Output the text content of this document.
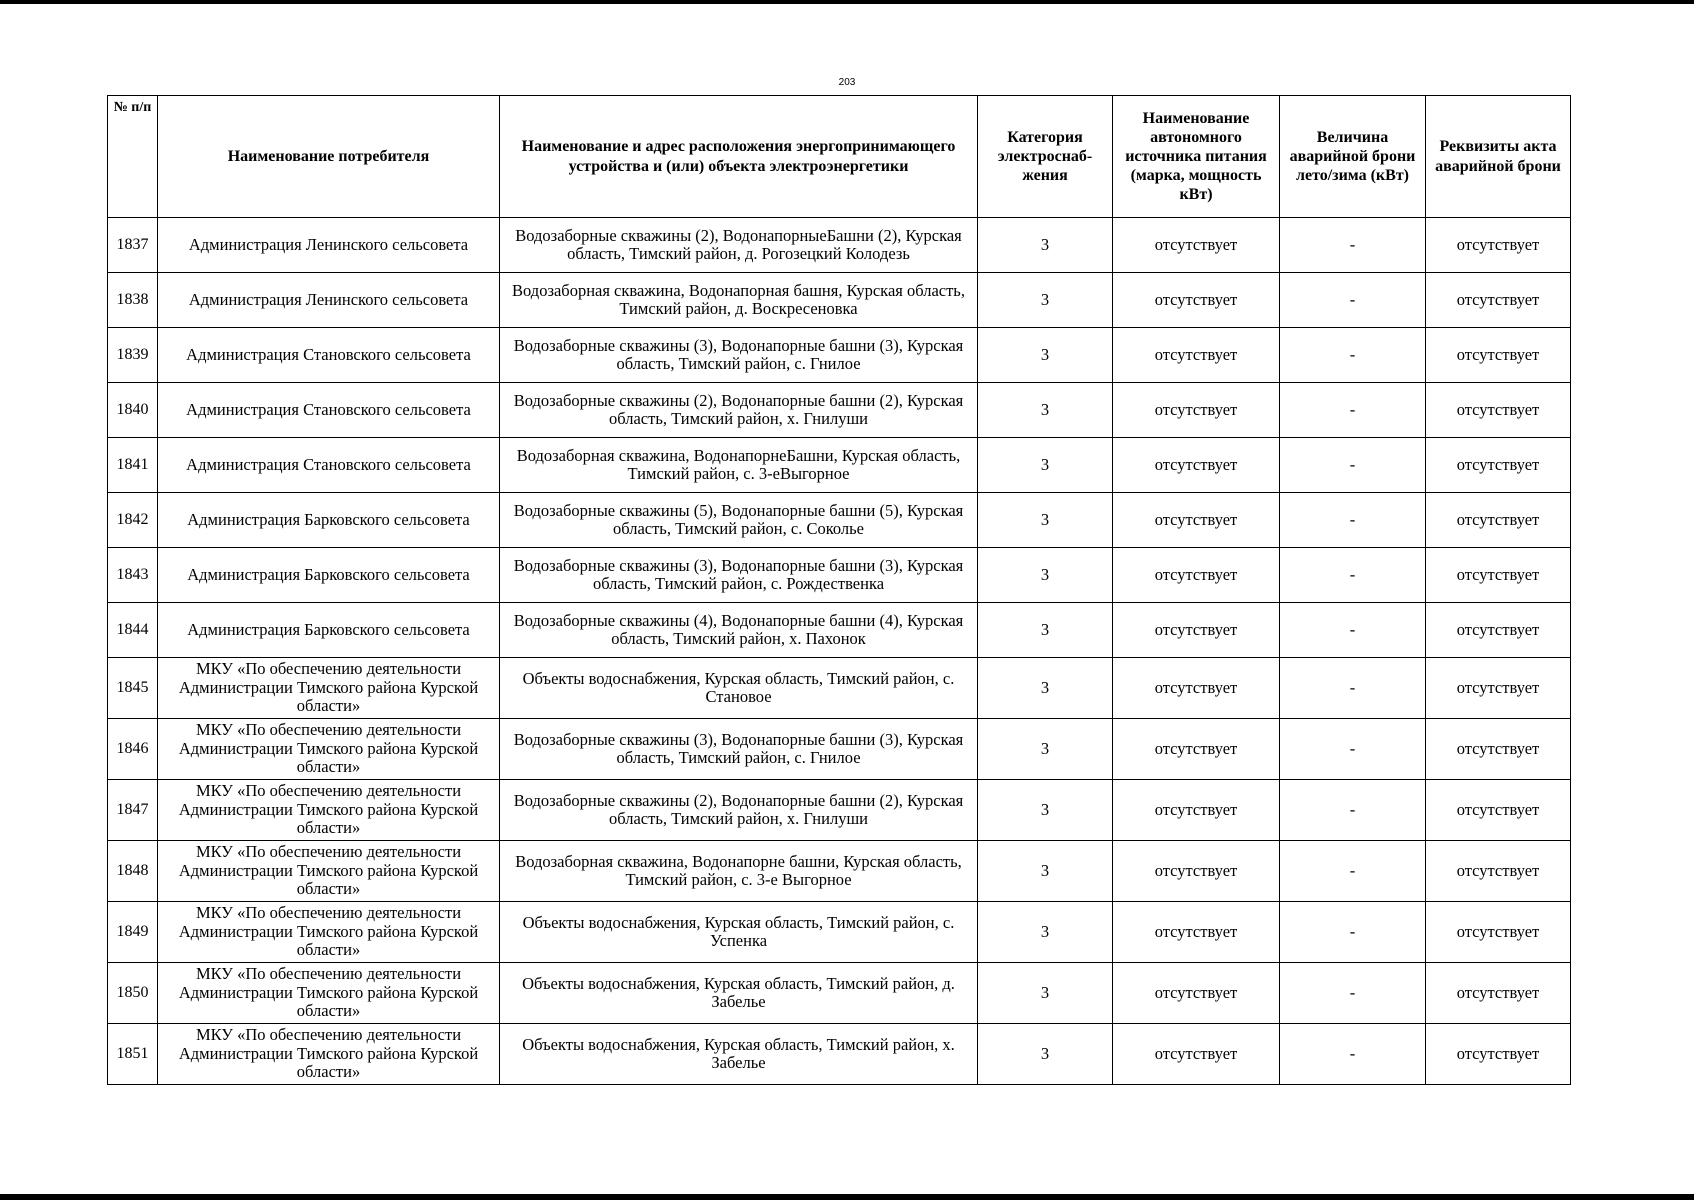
203
№ п/п	Наименование потребителя	Наименование и адрес расположения энергопринимающего устройства и (или) объекта электроэнергетики	Категория электроснаб-жения	Наименование автономного источника питания (марка, мощность кВт)	Величина аварийной брони лето/зима (кВт)	Реквизиты акта аварийной брони
1837	Администрация Ленинского сельсовета	Водозаборные скважины (2), ВодонапорныеБашни (2), Курская область, Тимский район, д. Рогозецкий Колодезь	3	отсутствует	-	отсутствует
1838	Администрация Ленинского сельсовета	Водозаборная скважина, Водонапорная башня, Курская область, Тимский район, д. Воскресеновка	3	отсутствует	-	отсутствует
1839	Администрация Становского сельсовета	Водозаборные скважины (3), Водонапорные башни (3), Курская область, Тимский район, с. Гнилое	3	отсутствует	-	отсутствует
1840	Администрация Становского сельсовета	Водозаборные скважины (2), Водонапорные башни (2), Курская область, Тимский район, х. Гнилуши	3	отсутствует	-	отсутствует
1841	Администрация Становского сельсовета	Водозаборная скважина, ВодонапорнеБашни, Курская область, Тимский район, с. 3-еВыгорное	3	отсутствует	-	отсутствует
1842	Администрация Барковского сельсовета	Водозаборные скважины (5), Водонапорные башни (5), Курская область, Тимский район, с. Соколье	3	отсутствует	-	отсутствует
1843	Администрация Барковского сельсовета	Водозаборные скважины (3), Водонапорные башни (3), Курская область, Тимский район, с. Рождественка	3	отсутствует	-	отсутствует
1844	Администрация Барковского сельсовета	Водозаборные скважины (4), Водонапорные башни (4), Курская область, Тимский район, х. Пахонок	3	отсутствует	-	отсутствует
1845	МКУ «По обеспечению деятельности Администрации Тимского района Курской области»	Объекты водоснабжения, Курская область, Тимский район, с. Становое	3	отсутствует	-	отсутствует
1846	МКУ «По обеспечению деятельности Администрации Тимского района Курской области»	Водозаборные скважины (3), Водонапорные башни (3), Курская область, Тимский район, с. Гнилое	3	отсутствует	-	отсутствует
1847	МКУ «По обеспечению деятельности Администрации Тимского района Курской области»	Водозаборные скважины (2), Водонапорные башни (2), Курская область, Тимский район, х. Гнилуши	3	отсутствует	-	отсутствует
1848	МКУ «По обеспечению деятельности Администрации Тимского района Курской области»	Водозаборная скважина, Водонапорне башни, Курская область, Тимский район, с. 3-е Выгорное	3	отсутствует	-	отсутствует
1849	МКУ «По обеспечению деятельности Администрации Тимского района Курской области»	Объекты водоснабжения, Курская область, Тимский район, с. Успенка	3	отсутствует	-	отсутствует
1850	МКУ «По обеспечению деятельности Администрации Тимского района Курской области»	Объекты водоснабжения, Курская область, Тимский район, д. Забелье	3	отсутствует	-	отсутствует
1851	МКУ «По обеспечению деятельности Администрации Тимского района Курской области»	Объекты водоснабжения, Курская область, Тимский район, х. Забелье	3	отсутствует	-	отсутствует
